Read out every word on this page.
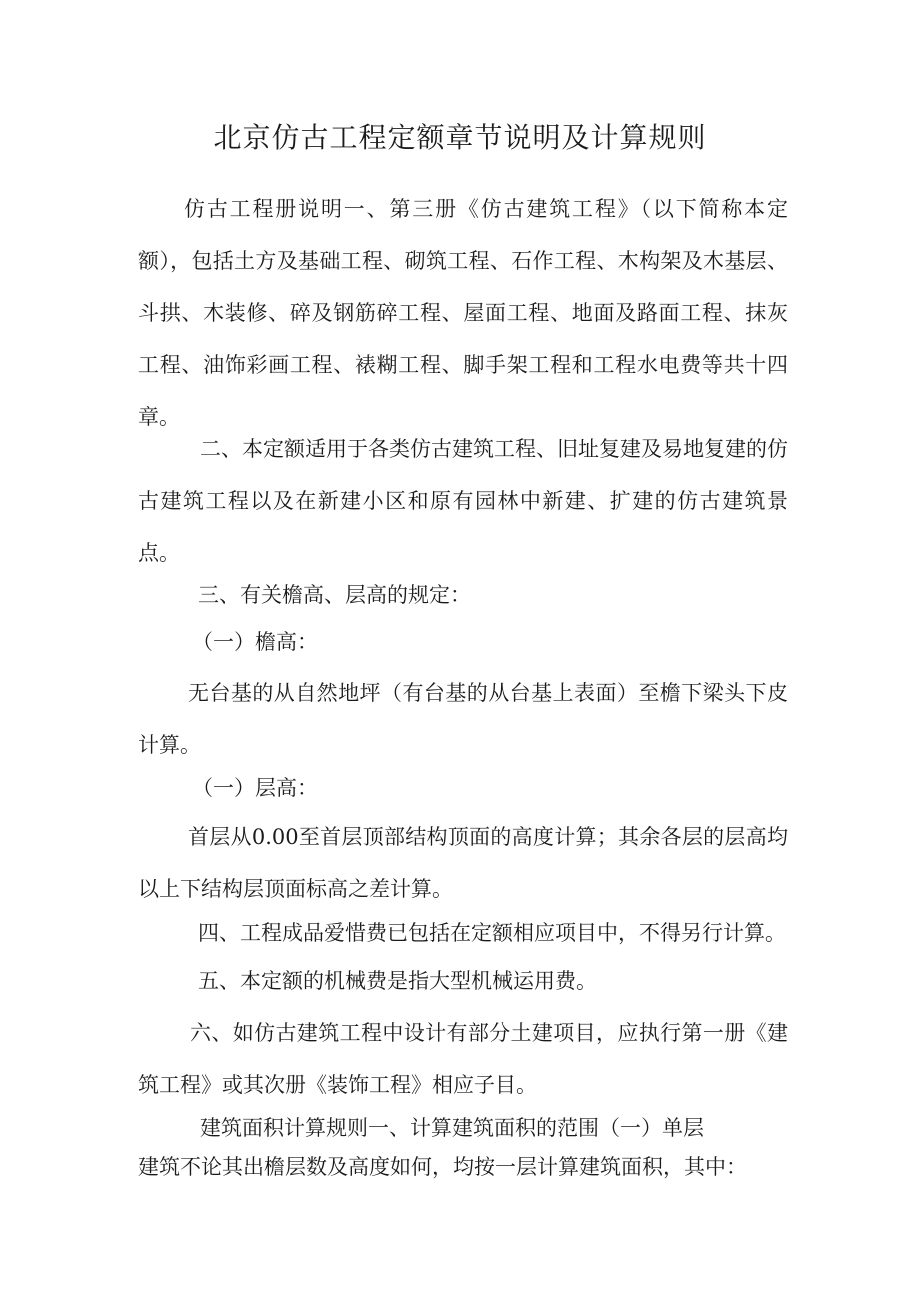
北京仿古工程定额章节说明及计算规则

仿古工程册说明一、第三册《仿古建筑工程》（以下简称本定额），包括土方及基础工程、砌筑工程、石作工程、木构架及木基层、斗拱、木装修、碎及钢筋碎工程、屋面工程、地面及路面工程、抹灰工程、油饰彩画工程、裱糊工程、脚手架工程和工程水电费等共十四章。

二、本定额适用于各类仿古建筑工程、旧址复建及易地复建的仿古建筑工程以及在新建小区和原有园林中新建、扩建的仿古建筑景点。

三、有关檐高、层高的规定：
（一）檐高：

无台基的从自然地坪（有台基的从台基上表面）至檐下梁头下皮计算。

（一）层高：

首层从0.00至首层顶部结构顶面的高度计算；其余各层的层高均以上下结构层顶面标高之差计算。

四、工程成品爱惜费已包括在定额相应项目中，不得另行计算。
五、本定额的机械费是指大型机械运用费。

六、如仿古建筑工程中设计有部分土建项目，应执行第一册《建筑工程》或其次册《装饰工程》相应子目。

建筑面积计算规则一、计算建筑面积的范围（一）单层
建筑不论其出檐层数及高度如何，均按一层计算建筑面积，其中：
